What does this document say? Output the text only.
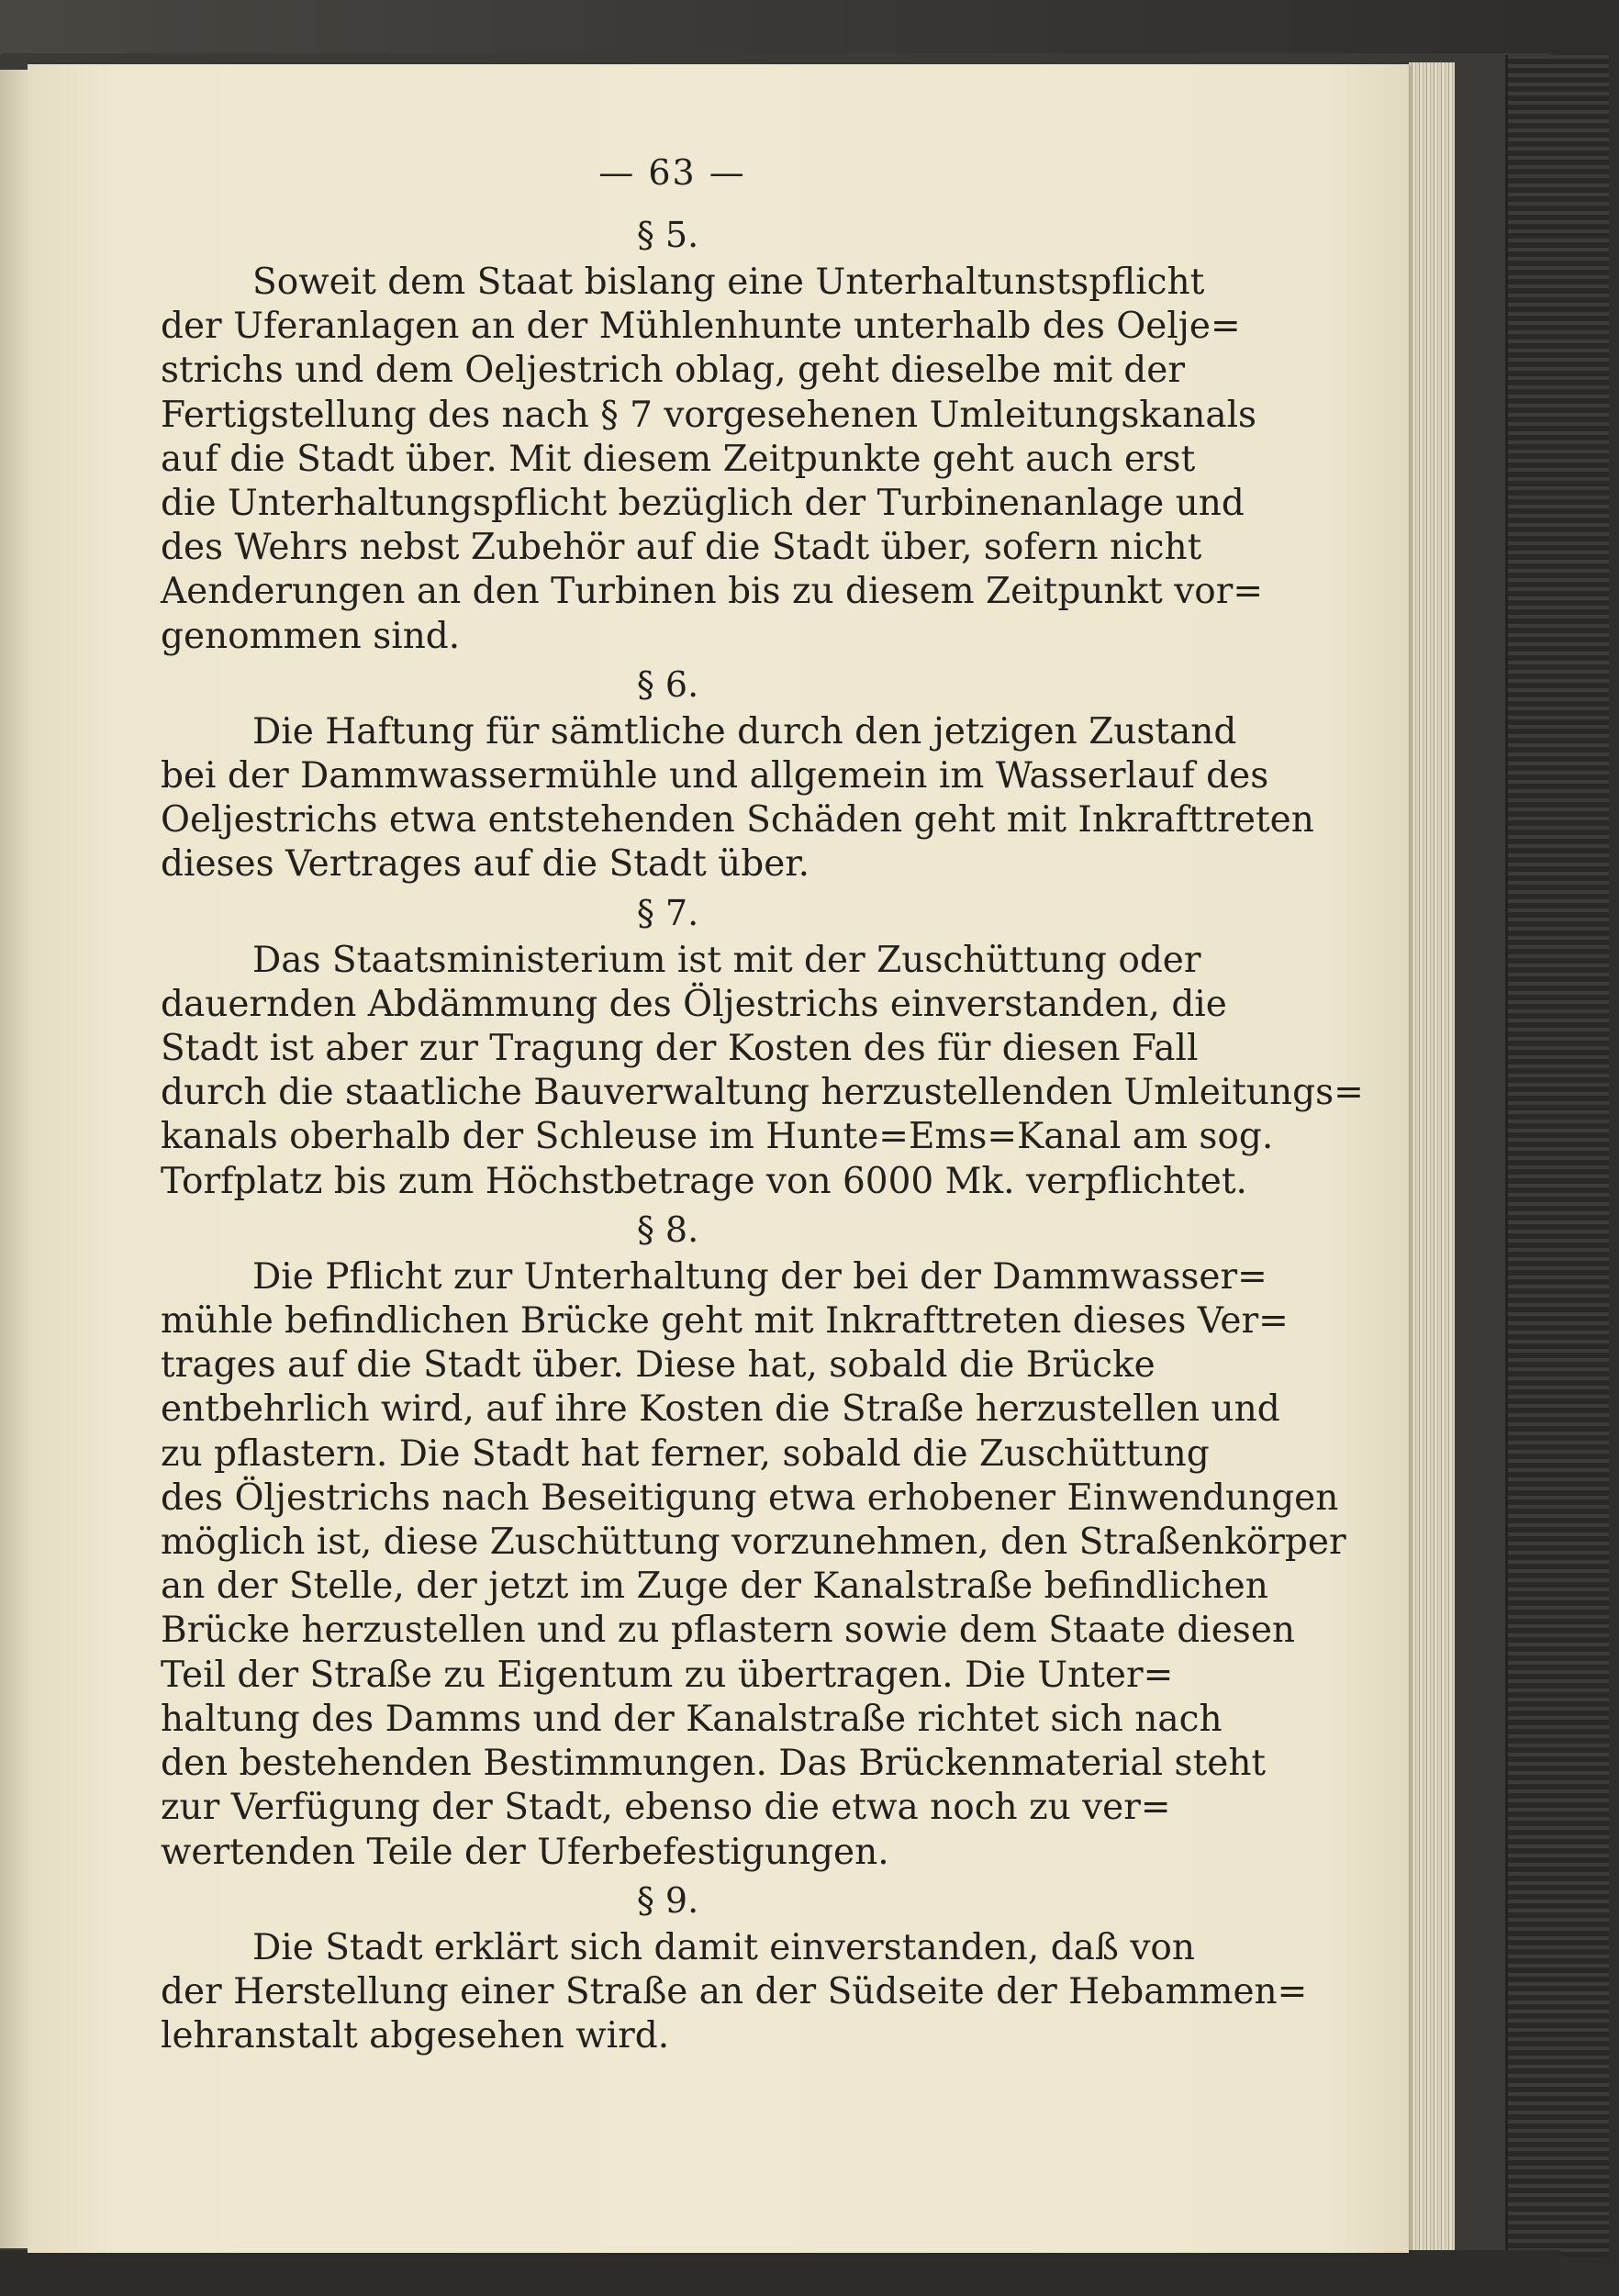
— 63 —
§ 5.
Soweit dem Staat bislang eine Unterhaltunstspflicht
der Uferanlagen an der Mühlenhunte unterhalb des Oelje=
strichs und dem Oeljestrich oblag, geht dieselbe mit der
Fertigstellung des nach § 7 vorgesehenen Umleitungskanals
auf die Stadt über. Mit diesem Zeitpunkte geht auch erst
die Unterhaltungspflicht bezüglich der Turbinenanlage und
des Wehrs nebst Zubehör auf die Stadt über, sofern nicht
Aenderungen an den Turbinen bis zu diesem Zeitpunkt vor=
genommen sind.
§ 6.
Die Haftung für sämtliche durch den jetzigen Zustand
bei der Dammwassermühle und allgemein im Wasserlauf des
Oeljestrichs etwa entstehenden Schäden geht mit Inkrafttreten
dieses Vertrages auf die Stadt über.
§ 7.
Das Staatsministerium ist mit der Zuschüttung oder
dauernden Abdämmung des Öljestrichs einverstanden, die
Stadt ist aber zur Tragung der Kosten des für diesen Fall
durch die staatliche Bauverwaltung herzustellenden Umleitungs=
kanals oberhalb der Schleuse im Hunte=Ems=Kanal am sog.
Torfplatz bis zum Höchstbetrage von 6000 Mk. verpflichtet.
§ 8.
Die Pflicht zur Unterhaltung der bei der Dammwasser=
mühle befindlichen Brücke geht mit Inkrafttreten dieses Ver=
trages auf die Stadt über. Diese hat, sobald die Brücke
entbehrlich wird, auf ihre Kosten die Straße herzustellen und
zu pflastern. Die Stadt hat ferner, sobald die Zuschüttung
des Öljestrichs nach Beseitigung etwa erhobener Einwendungen
möglich ist, diese Zuschüttung vorzunehmen, den Straßenkörper
an der Stelle, der jetzt im Zuge der Kanalstraße befindlichen
Brücke herzustellen und zu pflastern sowie dem Staate diesen
Teil der Straße zu Eigentum zu übertragen. Die Unter=
haltung des Damms und der Kanalstraße richtet sich nach
den bestehenden Bestimmungen. Das Brückenmaterial steht
zur Verfügung der Stadt, ebenso die etwa noch zu ver=
wertenden Teile der Uferbefestigungen.
§ 9.
Die Stadt erklärt sich damit einverstanden, daß von
der Herstellung einer Straße an der Südseite der Hebammen=
lehranstalt abgesehen wird.
